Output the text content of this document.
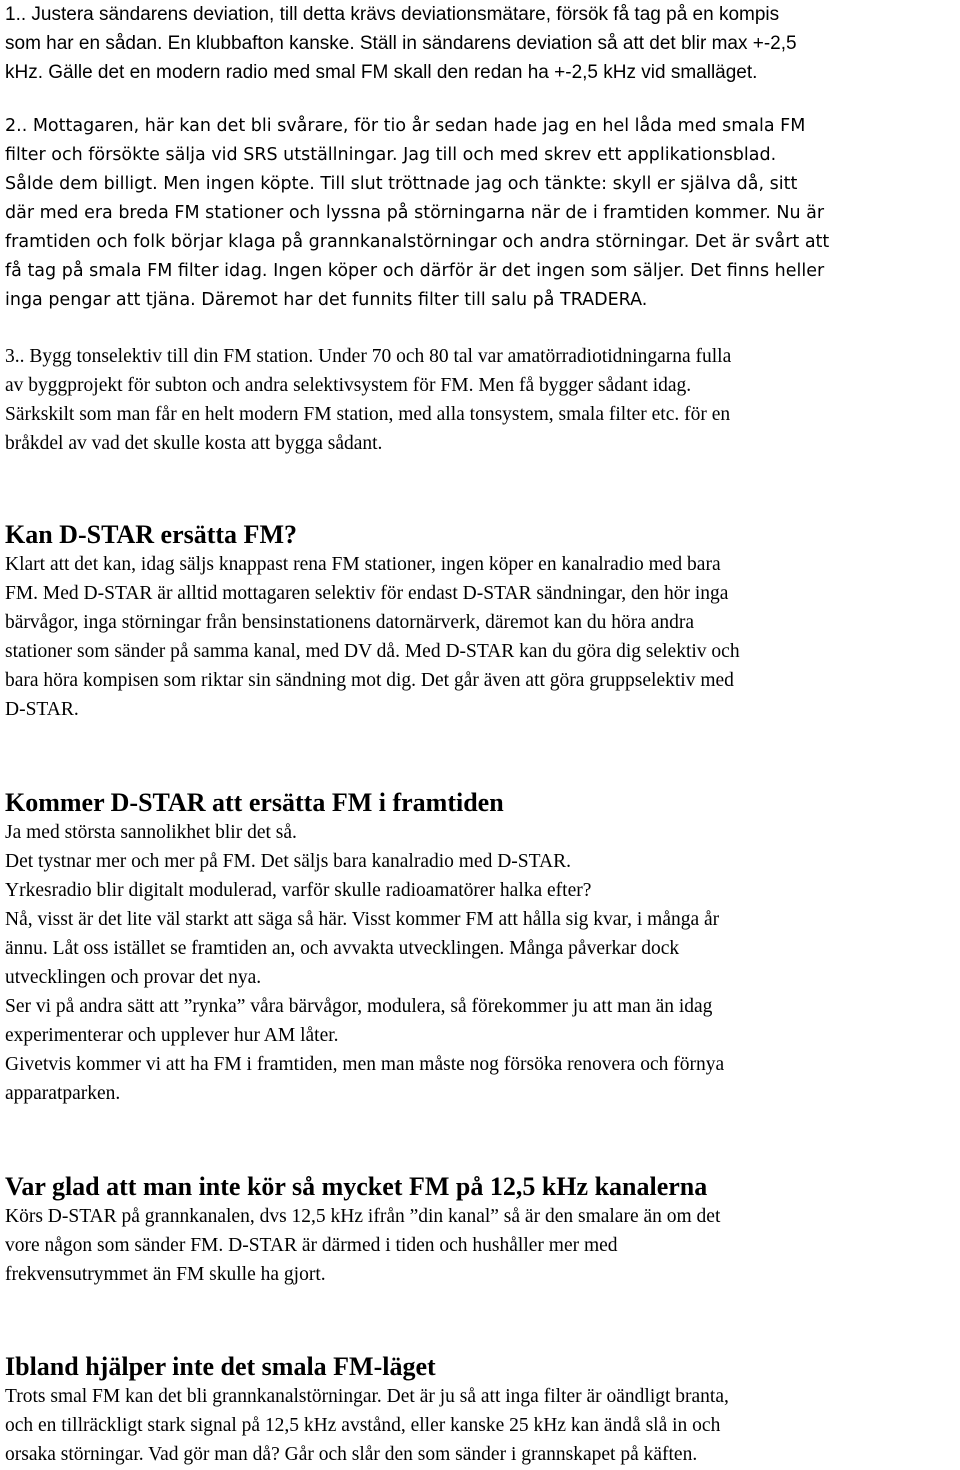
1.. Justera sändarens deviation, till detta krävs deviationsmätare, försök få tag på en kompis

som har en sådan. En klubbafton kanske. Ställ in sändarens deviation så att det blir max +-2,5

kHz. Gälle det en modern radio med smal FM skall den redan ha +-2,5 kHz vid smalläget.

2.. Mottagaren, här kan det bli svårare, för tio år sedan hade jag en hel låda med smala FM

filter och försökte sälja vid SRS utställningar. Jag till och med skrev ett applikationsblad.

Sålde dem billigt. Men ingen köpte. Till slut tröttnade jag och tänkte: skyll er själva då, sitt

där med era breda FM stationer och lyssna på störningarna när de i framtiden kommer. Nu är

framtiden och folk börjar klaga på grannkanalstörningar och andra störningar. Det är svårt att

få tag på smala FM filter idag. Ingen köper och därför är det ingen som säljer. Det finns heller

inga pengar att tjäna. Däremot har det funnits filter till salu på TRADERA.

3.. Bygg tonselektiv till din FM station. Under 70 och 80 tal var amatörradiotidningarna fulla

av byggprojekt för subton och andra selektivsystem för FM. Men få bygger sådant idag.

Särkskilt som man får en helt modern FM station, med alla tonsystem, smala filter etc. för en

bråkdel av vad det skulle kosta att bygga sådant.

Kan D-STAR ersätta FM?

Klart att det kan, idag säljs knappast rena FM stationer, ingen köper en kanalradio med bara

FM. Med D-STAR är alltid mottagaren selektiv för endast D-STAR sändningar, den hör inga

bärvågor, inga störningar från bensinstationens datornärverk, däremot kan du höra andra

stationer som sänder på samma kanal, med DV då. Med D-STAR kan du göra dig selektiv och

bara höra kompisen som riktar sin sändning mot dig. Det går även att göra gruppselektiv med

D-STAR.

Kommer D-STAR att ersätta FM i framtiden

Ja med största sannolikhet blir det så.

Det tystnar mer och mer på FM. Det säljs bara kanalradio med D-STAR.

Yrkesradio blir digitalt modulerad, varför skulle radioamatörer halka efter?

Nå, visst är det lite väl starkt att säga så här. Visst kommer FM att hålla sig kvar, i många år

ännu. Låt oss istället se framtiden an, och avvakta utvecklingen. Många påverkar dock

utvecklingen och provar det nya.

Ser vi på andra sätt att ”rynka” våra bärvågor, modulera, så förekommer ju att man än idag

experimenterar och upplever hur AM låter.

Givetvis kommer vi att ha FM i framtiden, men man måste nog försöka renovera och förnya

apparatparken.

Var glad att man inte kör så mycket FM på 12,5 kHz kanalerna

Körs D-STAR på grannkanalen, dvs 12,5 kHz ifrån ”din kanal” så är den smalare än om det

vore någon som sänder FM. D-STAR är därmed i tiden och hushåller mer med

frekvensutrymmet än FM skulle ha gjort.

Ibland hjälper inte det smala FM-läget

Trots smal FM kan det bli grannkanalstörningar. Det är ju så att inga filter är oändligt branta,

och en tillräckligt stark signal på 12,5 kHz avstånd, eller kanske 25 kHz kan ändå slå in och

orsaka störningar. Vad gör man då? Går och slår den som sänder i grannskapet på käften.
